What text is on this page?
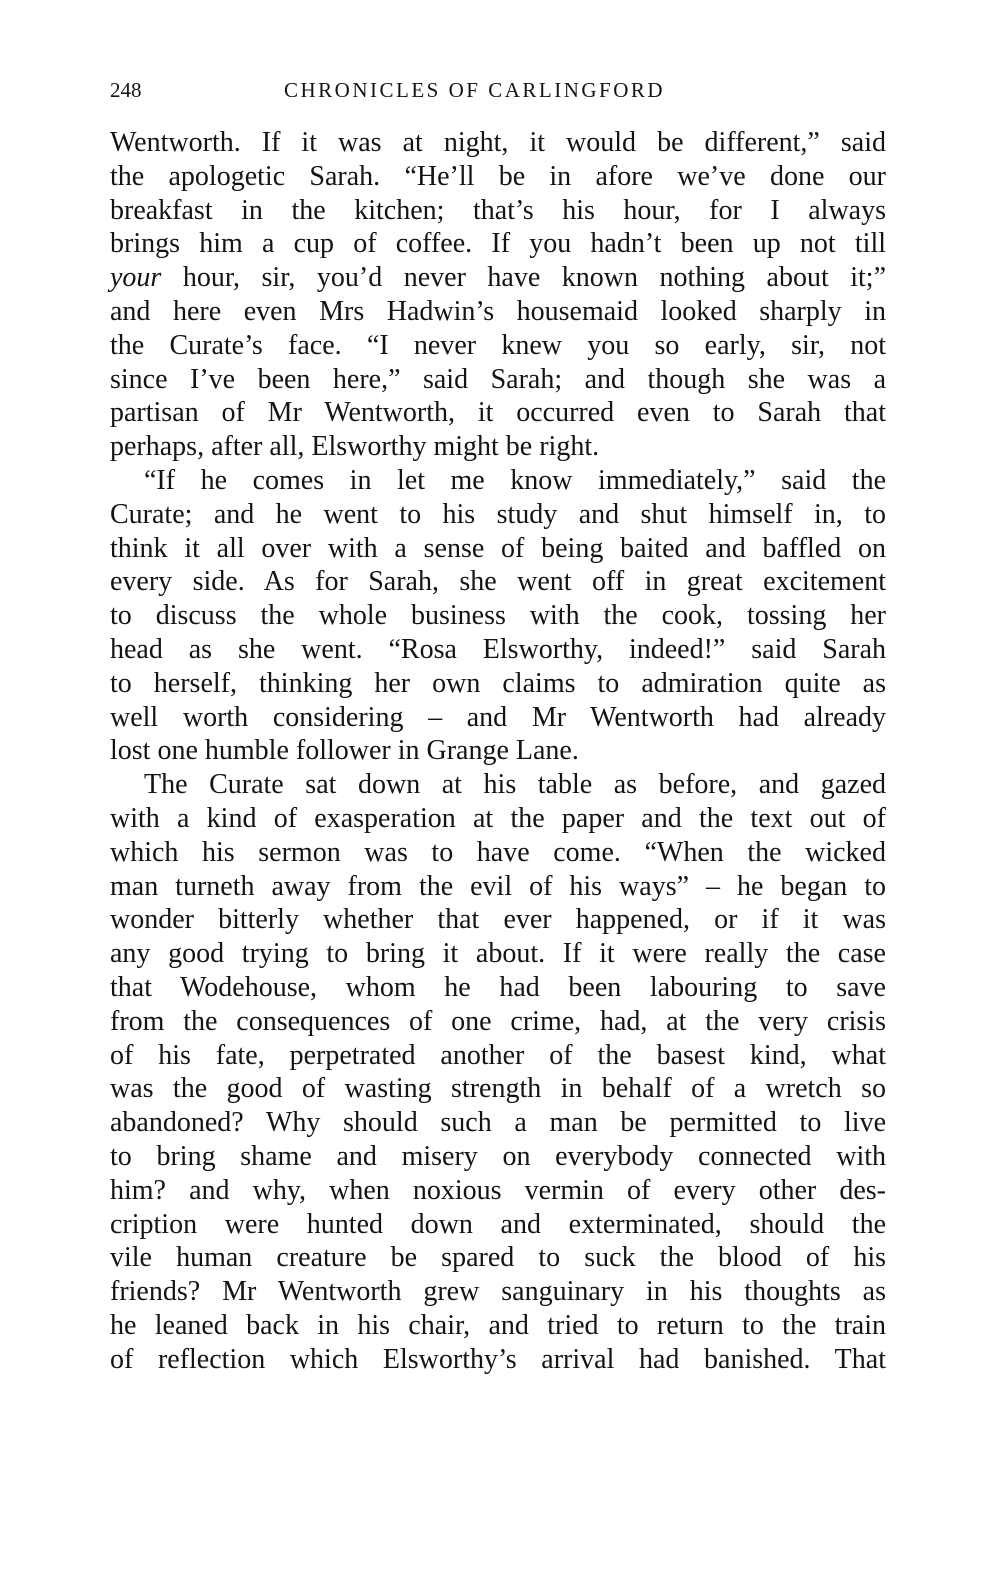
248	CHRONICLES OF CARLINGFORD
Wentworth. If it was at night, it would be different,” said
the apologetic Sarah. “He’ll be in afore we’ve done our
breakfast in the kitchen; that’s his hour, for I always
brings him a cup of coffee. If you hadn’t been up not till
your hour, sir, you’d never have known nothing about it;”
and here even Mrs Hadwin’s housemaid looked sharply in
the Curate’s face. “I never knew you so early, sir, not
since I’ve been here,” said Sarah; and though she was a
partisan of Mr Wentworth, it occurred even to Sarah that
perhaps, after all, Elsworthy might be right.
“If he comes in let me know immediately,” said the
Curate; and he went to his study and shut himself in, to
think it all over with a sense of being baited and baffled on
every side. As for Sarah, she went off in great excitement
to discuss the whole business with the cook, tossing her
head as she went. “Rosa Elsworthy, indeed!” said Sarah
to herself, thinking her own claims to admiration quite as
well worth considering – and Mr Wentworth had already
lost one humble follower in Grange Lane.
The Curate sat down at his table as before, and gazed
with a kind of exasperation at the paper and the text out of
which his sermon was to have come. “When the wicked
man turneth away from the evil of his ways” – he began to
wonder bitterly whether that ever happened, or if it was
any good trying to bring it about. If it were really the case
that Wodehouse, whom he had been labouring to save
from the consequences of one crime, had, at the very crisis
of his fate, perpetrated another of the basest kind, what
was the good of wasting strength in behalf of a wretch so
abandoned? Why should such a man be permitted to live
to bring shame and misery on everybody connected with
him? and why, when noxious vermin of every other des-
cription were hunted down and exterminated, should the
vile human creature be spared to suck the blood of his
friends? Mr Wentworth grew sanguinary in his thoughts as
he leaned back in his chair, and tried to return to the train
of reflection which Elsworthy’s arrival had banished. That
